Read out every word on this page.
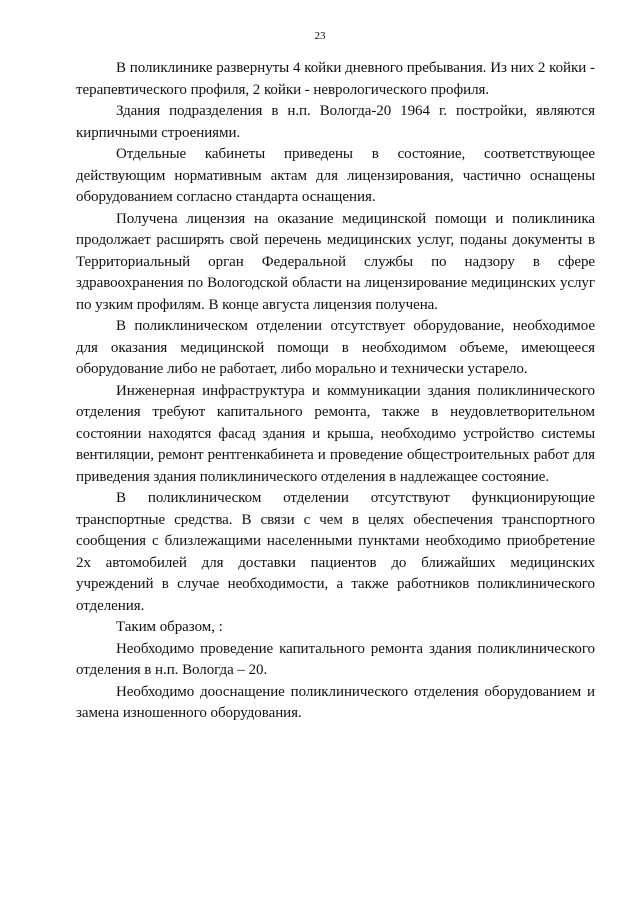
23

В поликлинике развернуты 4 койки дневного пребывания. Из них 2 койки - терапевтического профиля, 2 койки - неврологического профиля.

Здания подразделения в н.п. Вологда-20 1964 г. постройки, являются кирпичными строениями.

Отдельные кабинеты приведены в состояние, соответствующее действующим нормативным актам для лицензирования, частично оснащены оборудованием согласно стандарта оснащения.

Получена лицензия на оказание медицинской помощи и поликлиника продолжает расширять свой перечень медицинских услуг, поданы документы в Территориальный орган Федеральной службы по надзору в сфере здравоохранения по Вологодской области на лицензирование медицинских услуг по узким профилям. В конце августа лицензия получена.

В поликлиническом отделении отсутствует оборудование, необходимое для оказания медицинской помощи в необходимом объеме, имеющееся оборудование либо не работает, либо морально и технически устарело.

Инженерная инфраструктура и коммуникации здания поликлинического отделения требуют капитального ремонта, также в неудовлетворительном состоянии находятся фасад здания и крыша, необходимо устройство системы вентиляции, ремонт рентгенкабинета и проведение общестроительных работ для приведения здания поликлинического отделения в надлежащее состояние.

В поликлиническом отделении отсутствуют функционирующие транспортные средства. В связи с чем в целях обеспечения транспортного сообщения с близлежащими населенными пунктами необходимо приобретение 2х автомобилей для доставки пациентов до ближайших медицинских учреждений в случае необходимости, а также работников поликлинического отделения.

Таким образом, :

Необходимо проведение капитального ремонта здания поликлинического отделения в н.п. Вологда – 20.

Необходимо дооснащение поликлинического отделения оборудованием и замена изношенного оборудования.
